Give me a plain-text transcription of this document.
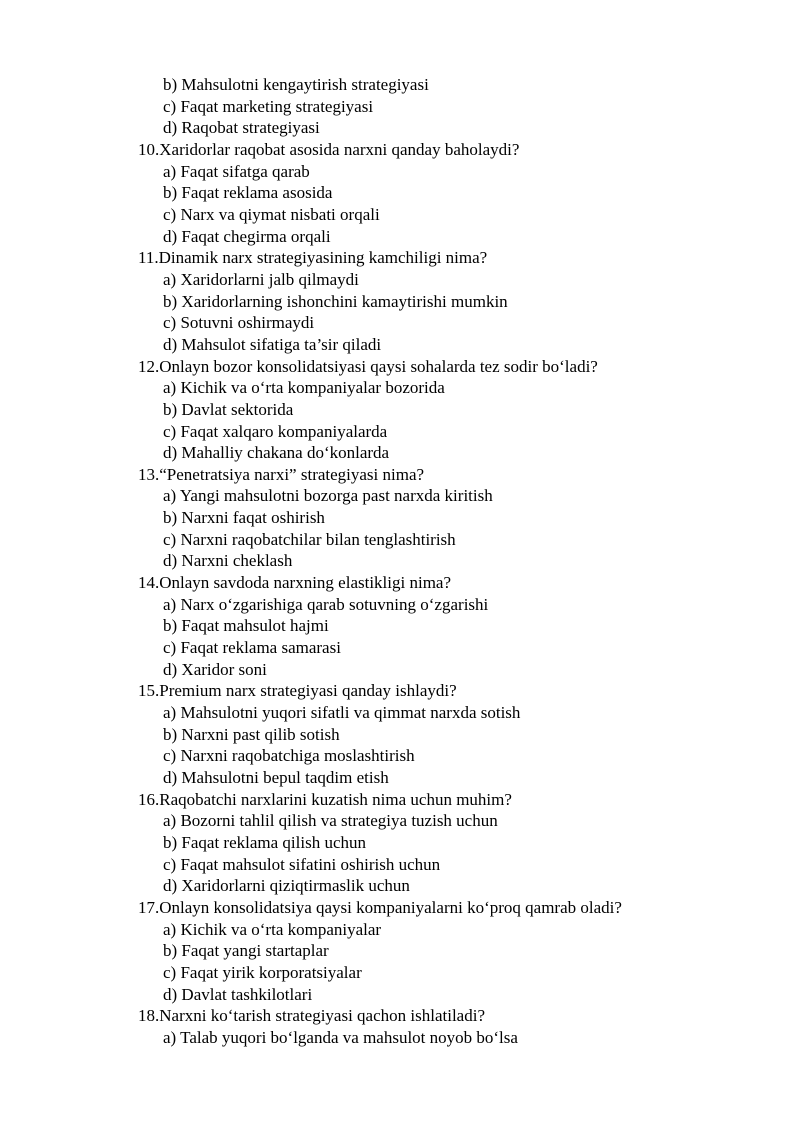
b) Mahsulotni kengaytirish strategiyasi
c) Faqat marketing strategiyasi
d) Raqobat strategiyasi
10.Xaridorlar raqobat asosida narxni qanday baholaydi?
a) Faqat sifatga qarab
b) Faqat reklama asosida
c) Narx va qiymat nisbati orqali
d) Faqat chegirma orqali
11.Dinamik narx strategiyasining kamchiligi nima?
a) Xaridorlarni jalb qilmaydi
b) Xaridorlarning ishonchini kamaytirishi mumkin
c) Sotuvni oshirmaydi
d) Mahsulot sifatiga ta’sir qiladi
12.Onlayn bozor konsolidatsiyasi qaysi sohalarda tez sodir bo‘ladi?
a) Kichik va o‘rta kompaniyalar bozorida
b) Davlat sektorida
c) Faqat xalqaro kompaniyalarda
d) Mahalliy chakana do‘konlarda
13.“Penetratsiya narxi” strategiyasi nima?
a) Yangi mahsulotni bozorga past narxda kiritish
b) Narxni faqat oshirish
c) Narxni raqobatchilar bilan tenglashtirish
d) Narxni cheklash
14.Onlayn savdoda narxning elastikligi nima?
a) Narx o‘zgarishiga qarab sotuvning o‘zgarishi
b) Faqat mahsulot hajmi
c) Faqat reklama samarasi
d) Xaridor soni
15.Premium narx strategiyasi qanday ishlaydi?
a) Mahsulotni yuqori sifatli va qimmat narxda sotish
b) Narxni past qilib sotish
c) Narxni raqobatchiga moslashtirish
d) Mahsulotni bepul taqdim etish
16.Raqobatchi narxlarini kuzatish nima uchun muhim?
a) Bozorni tahlil qilish va strategiya tuzish uchun
b) Faqat reklama qilish uchun
c) Faqat mahsulot sifatini oshirish uchun
d) Xaridorlarni qiziqtirmaslik uchun
17.Onlayn konsolidatsiya qaysi kompaniyalarni ko‘proq qamrab oladi?
a) Kichik va o‘rta kompaniyalar
b) Faqat yangi startaplar
c) Faqat yirik korporatsiyalar
d) Davlat tashkilotlari
18.Narxni ko‘tarish strategiyasi qachon ishlatiladi?
a) Talab yuqori bo‘lganda va mahsulot noyob bo‘lsa
